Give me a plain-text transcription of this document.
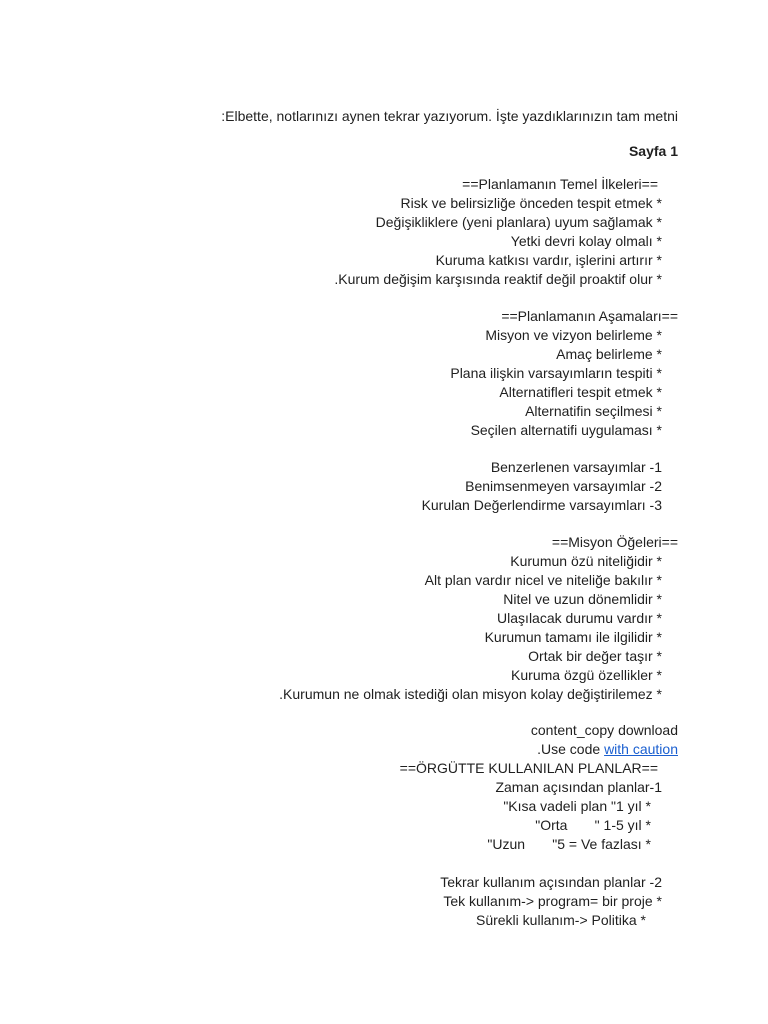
:Elbette, notlarınızı aynen tekrar yazıyorum. İşte yazdıklarınızın tam metni
Sayfa 1
==Planlamanın Temel İlkeleri==
Risk ve belirsizliğe önceden tespit etmek *
Değişikliklere (yeni planlara) uyum sağlamak *
Yetki devri kolay olmalı *
Kuruma katkısı vardır, işlerini artırır *
.Kurum değişim karşısında reaktif değil proaktif olur *
==Planlamanın Aşamaları==
Misyon ve vizyon belirleme *
Amaç belirleme *
Plana ilişkin varsayımların tespiti *
Alternatifleri tespit etmek *
Alternatifin seçilmesi *
Seçilen alternatifi uygulaması *
Benzerlenen varsayımlar -1
Benimsenmeyen varsayımlar -2
Kurulan Değerlendirme varsayımları -3
==Misyon Öğeleri==
Kurumun özü niteliğidir *
Alt plan vardır nicel ve niteliğe bakılır *
Nitel ve uzun dönemlidir *
Ulaşılacak durumu vardır *
Kurumun tamamı ile ilgilidir *
Ortak bir değer taşır *
Kuruma özgü özellikler *
.Kurumun ne olmak istediği olan misyon kolay değiştirilemez *
content_copy download
.Use code with caution
==ÖRGÜTTE KULLANILAN PLANLAR==
Zaman açısından planlar-1
"Kısa vadeli plan "1 yıl *
"Orta       " 1-5 yıl *
"Uzun       "5 = Ve fazlası *
Tekrar kullanım açısından planlar -2
Tek kullanım-> program= bir proje *
Sürekli kullanım-> Politika *
